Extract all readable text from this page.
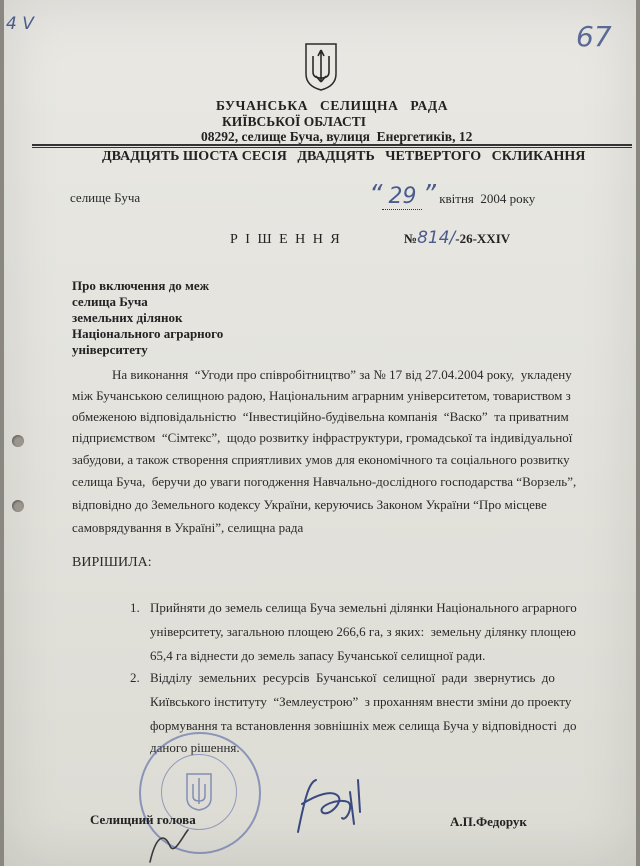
4 V	67
БУЧАНСЬКА   СЕЛИЩНА   РАДА
КИЇВСЬКОЇ ОБЛАСТІ
08292, селище Буча, вулиця  Енергетиків, 12
ДВАДЦЯТЬ ШОСТА СЕСІЯ   ДВАДЦЯТЬ   ЧЕТВЕРТОГО   СКЛИКАННЯ
селище Буча	“ 29 ” квітня  2004 року
Р І Ш Е Н Н Я	№814/-26-XXIV
Про включення до меж
селища Буча
земельних ділянок
Національного аграрного
університету
На виконання  “Угоди про співробітництво” за № 17 від 27.04.2004 року,  укладену
між Бучанською селищною радою, Національним аграрним університетом, товариством з
обмеженою відповідальністю  “Інвестиційно-будівельна компанія  “Васко”  та приватним
підприємством  “Сімтекс”,  щодо розвитку інфраструктури, громадської та індивідуальної
забудови, а також створення сприятливих умов для економічного та соціального розвитку
селища Буча,  беручи до уваги погодження Навчально-дослідного господарства “Ворзель”,
відповідно до Земельного кодексу України, керуючись Законом України “Про місцеве
самоврядування в Україні”, селищна рада
ВИРІШИЛА:
1. Прийняти до земель селища Буча земельні ділянки Національного аграрного
університету, загальною площею 266,6 га, з яких:  земельну ділянку площею
65,4 га віднести до земель запасу Бучанської селищної ради.
2. Відділу  земельних  ресурсів  Бучанської  селищної  ради  звернутись  до
Київського інституту  “Землеустрою”  з проханням внести зміни до проекту
формування та встановлення зовнішніх меж селища Буча у відповідності  до
даного рішення.
Селищний голова	А.П.Федорук
